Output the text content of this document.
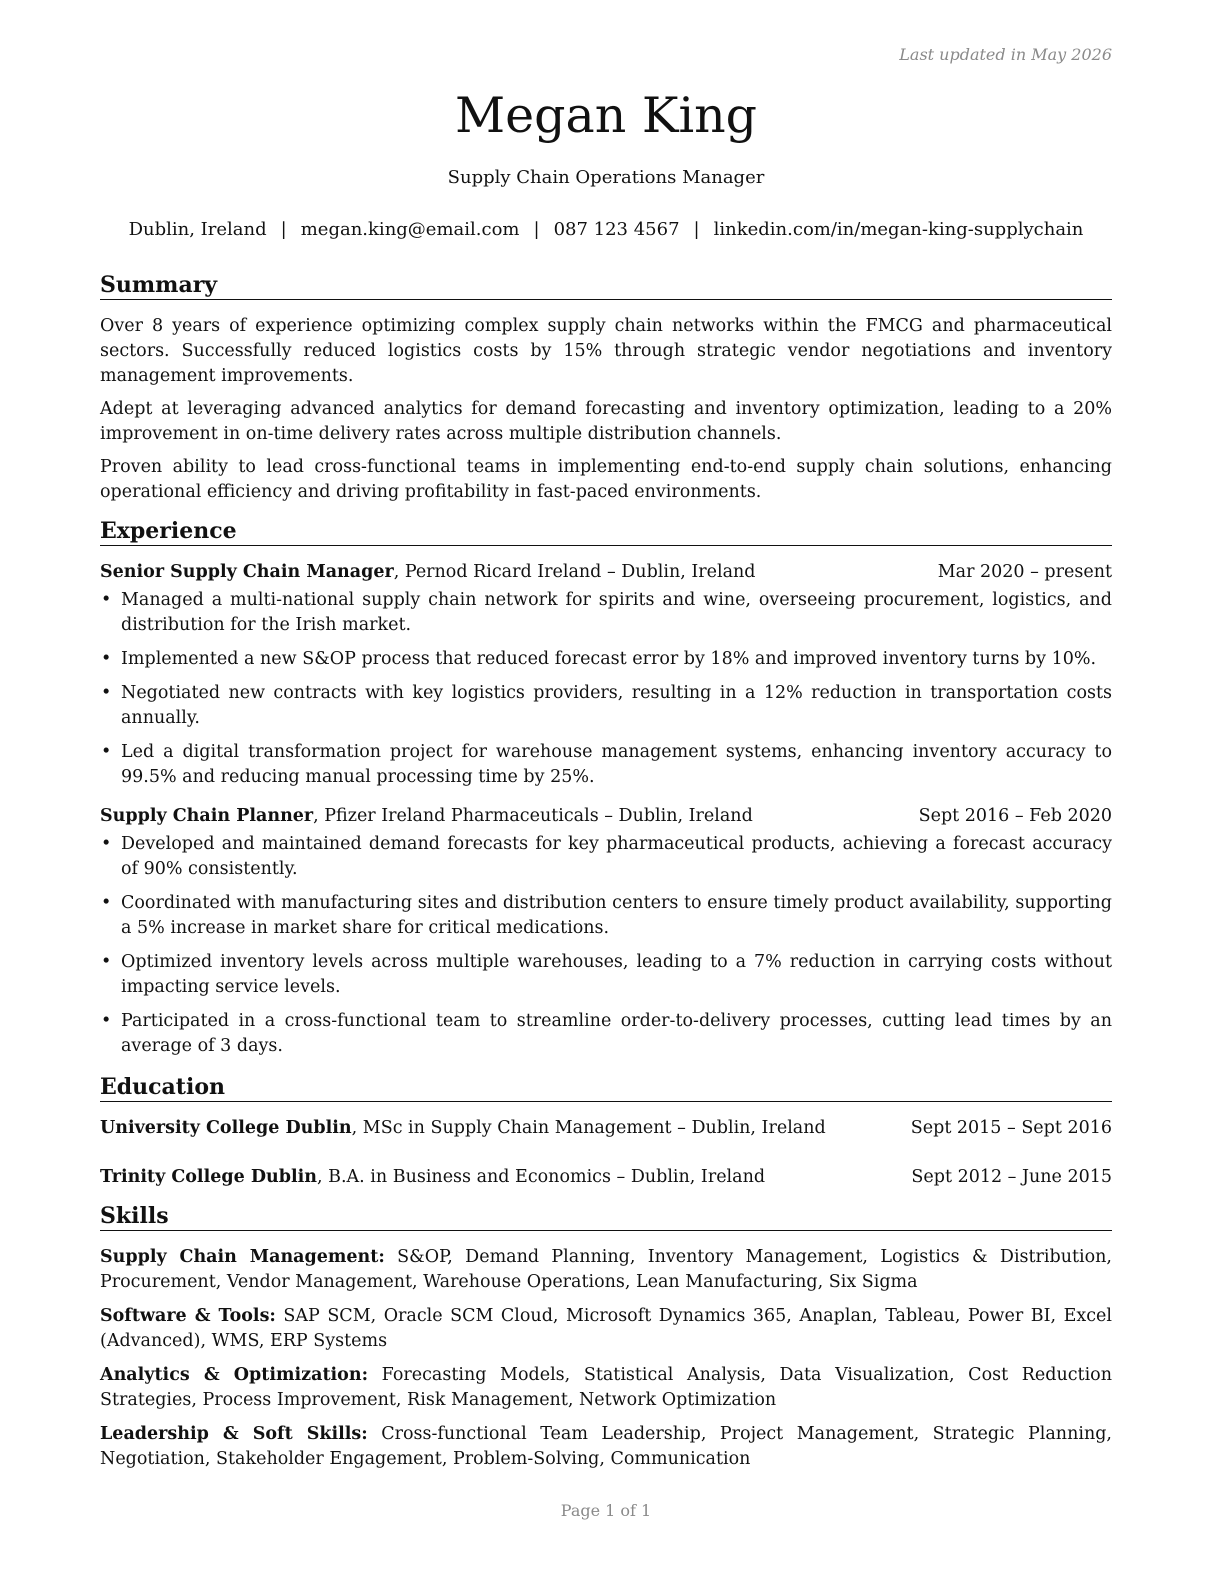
Last updated in May 2026
Megan King
Supply Chain Operations Manager
Dublin, Ireland | megan.king@email.com | 087 123 4567 | linkedin.com/in/megan-king-supplychain
Summary

Over 8 years of experience optimizing complex supply chain networks within the FMCG and pharmaceutical sectors. Successfully reduced logistics costs by 15% through strategic vendor negotiations and inventory management improvements.

Adept at leveraging advanced analytics for demand forecasting and inventory optimization, leading to a 20% improvement in on-time delivery rates across multiple distribution channels.

Proven ability to lead cross-functional teams in implementing end-to-end supply chain solutions, enhancing operational efficiency and driving profitability in fast-paced environments.

Experience
Senior Supply Chain Manager, Pernod Ricard Ireland – Dublin, Ireland	Mar 2020 – present
• Managed a multi-national supply chain network for spirits and wine, overseeing procurement, logistics, and distribution for the Irish market.
• Implemented a new S&OP process that reduced forecast error by 18% and improved inventory turns by 10%.
• Negotiated new contracts with key logistics providers, resulting in a 12% reduction in transportation costs annually.
• Led a digital transformation project for warehouse management systems, enhancing inventory accuracy to 99.5% and reducing manual processing time by 25%.
Supply Chain Planner, Pfizer Ireland Pharmaceuticals – Dublin, Ireland	Sept 2016 – Feb 2020
• Developed and maintained demand forecasts for key pharmaceutical products, achieving a forecast accuracy of 90% consistently.
• Coordinated with manufacturing sites and distribution centers to ensure timely product availability, supporting a 5% increase in market share for critical medications.
• Optimized inventory levels across multiple warehouses, leading to a 7% reduction in carrying costs without impacting service levels.
• Participated in a cross-functional team to streamline order-to-delivery processes, cutting lead times by an average of 3 days.
Education
University College Dublin, MSc in Supply Chain Management – Dublin, Ireland	Sept 2015 – Sept 2016
Trinity College Dublin, B.A. in Business and Economics – Dublin, Ireland	Sept 2012 – June 2015
Skills

Supply Chain Management: S&OP, Demand Planning, Inventory Management, Logistics & Distribution, Procurement, Vendor Management, Warehouse Operations, Lean Manufacturing, Six Sigma

Software & Tools: SAP SCM, Oracle SCM Cloud, Microsoft Dynamics 365, Anaplan, Tableau, Power BI, Excel (Advanced), WMS, ERP Systems

Analytics & Optimization: Forecasting Models, Statistical Analysis, Data Visualization, Cost Reduction Strategies, Process Improvement, Risk Management, Network Optimization

Leadership & Soft Skills: Cross-functional Team Leadership, Project Management, Strategic Planning, Negotiation, Stakeholder Engagement, Problem-Solving, Communication

Page 1 of 1
